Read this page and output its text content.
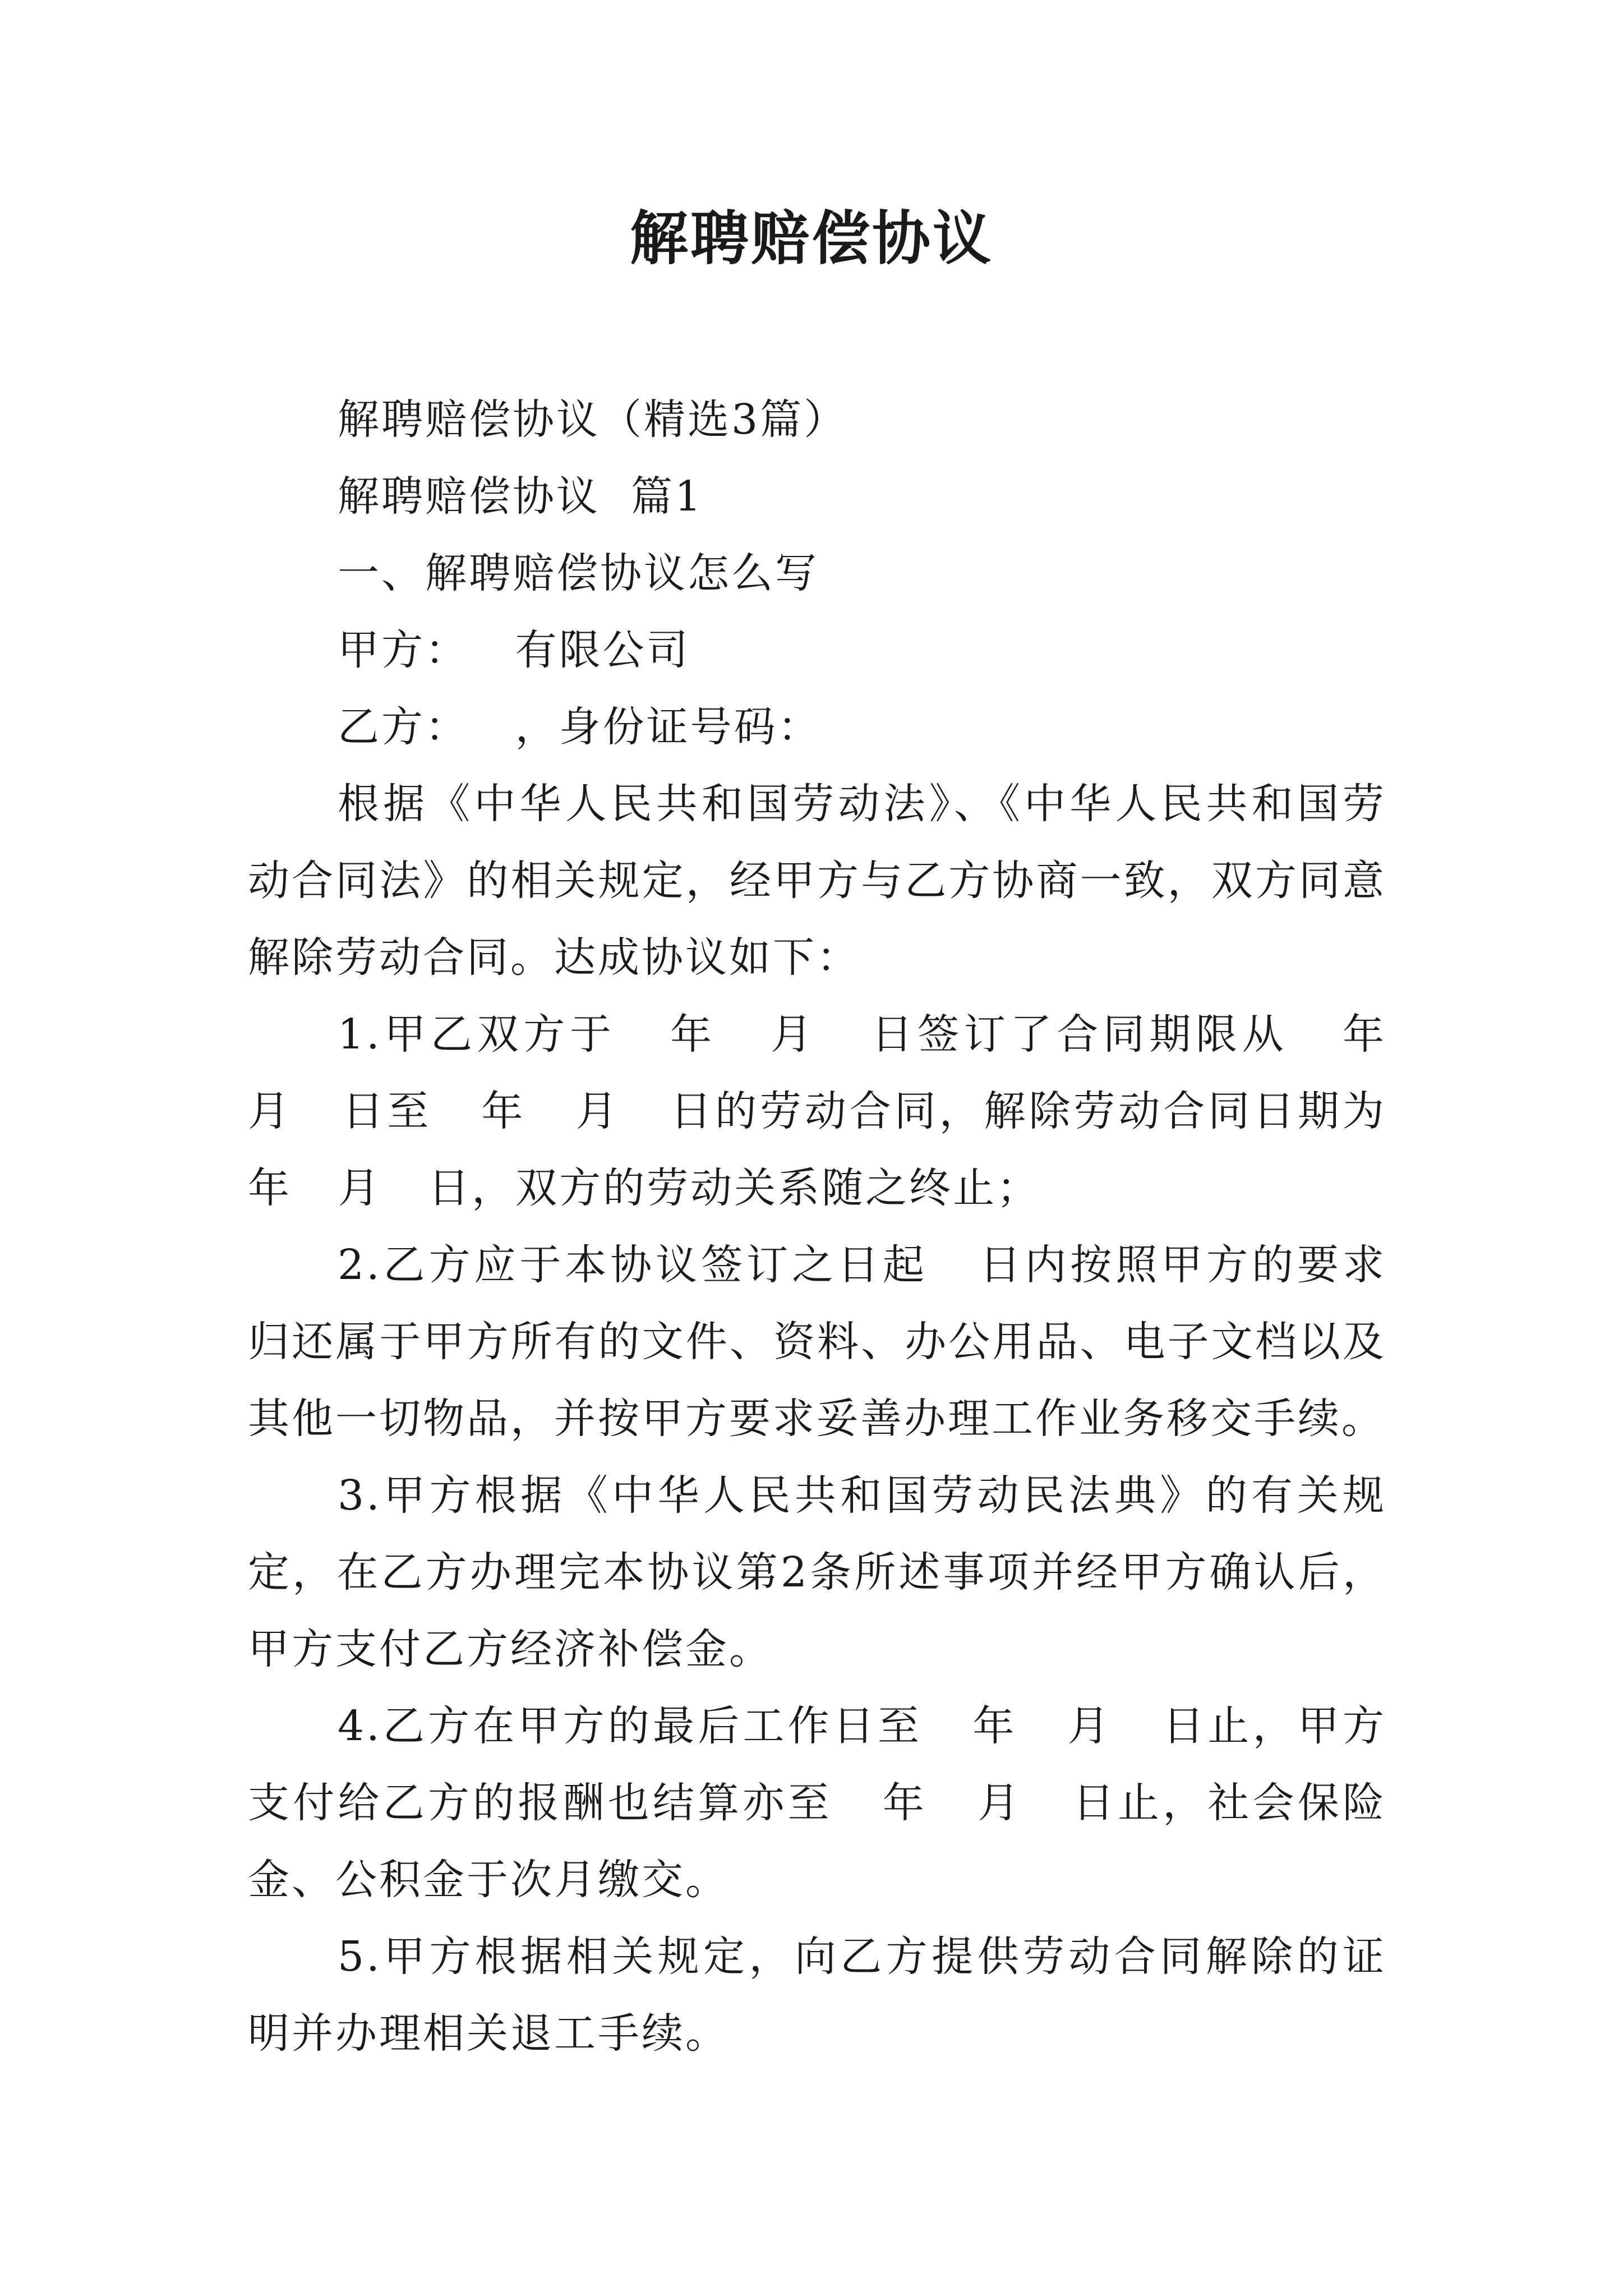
解聘赔偿协议

解聘赔偿协议（精选3篇）

解聘赔偿协议  篇1

一、解聘赔偿协议怎么写

甲方：   有限公司

乙方：   ，身份证号码：

根据《中华人民共和国劳动法》、《中华人民共和国劳动合同法》的相关规定，经甲方与乙方协商一致，双方同意解除劳动合同。达成协议如下：

1.甲乙双方于   年   月   日签订了合同期限从   年   月   日至   年   月   日的劳动合同，解除劳动合同日期为   年   月   日，双方的劳动关系随之终止；

2.乙方应于本协议签订之日起   日内按照甲方的要求归还属于甲方所有的文件、资料、办公用品、电子文档以及其他一切物品，并按甲方要求妥善办理工作业务移交手续。

3.甲方根据《中华人民共和国劳动民法典》的有关规定，在乙方办理完本协议第2条所述事项并经甲方确认后，甲方支付乙方经济补偿金。

4.乙方在甲方的最后工作日至   年   月   日止，甲方支付给乙方的报酬也结算亦至   年   月   日止，社会保险金、公积金于次月缴交。

5.甲方根据相关规定，向乙方提供劳动合同解除的证明并办理相关退工手续。
